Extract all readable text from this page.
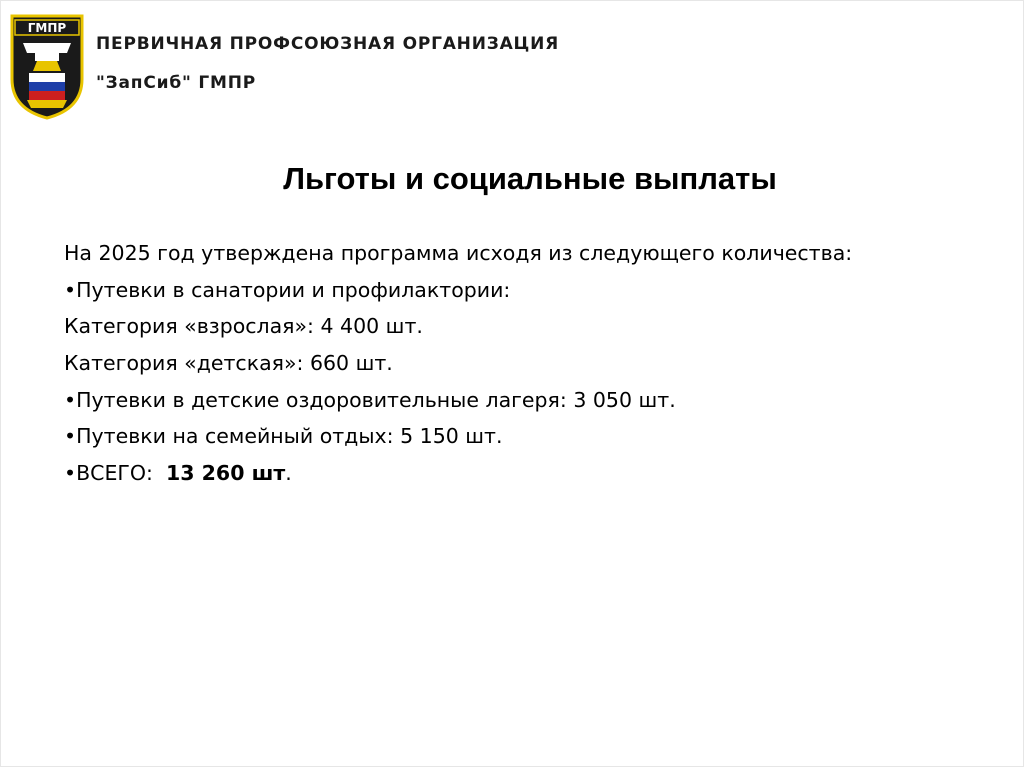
ГМПР
ПЕРВИЧНАЯ ПРОФСОЮЗНАЯ ОРГАНИЗАЦИЯ
"ЗапСиб" ГМПР
Льготы и социальные выплаты

На 2025 год утверждена программа исходя из следующего количества:

•Путевки в санатории и профилактории:

Категория «взрослая»: 4 400 шт.

Категория «детская»: 660 шт.

•Путевки в детские оздоровительные лагеря: 3 050 шт.

•Путевки на семейный отдых: 5 150 шт.

•ВСЕГО:  13 260 шт.
